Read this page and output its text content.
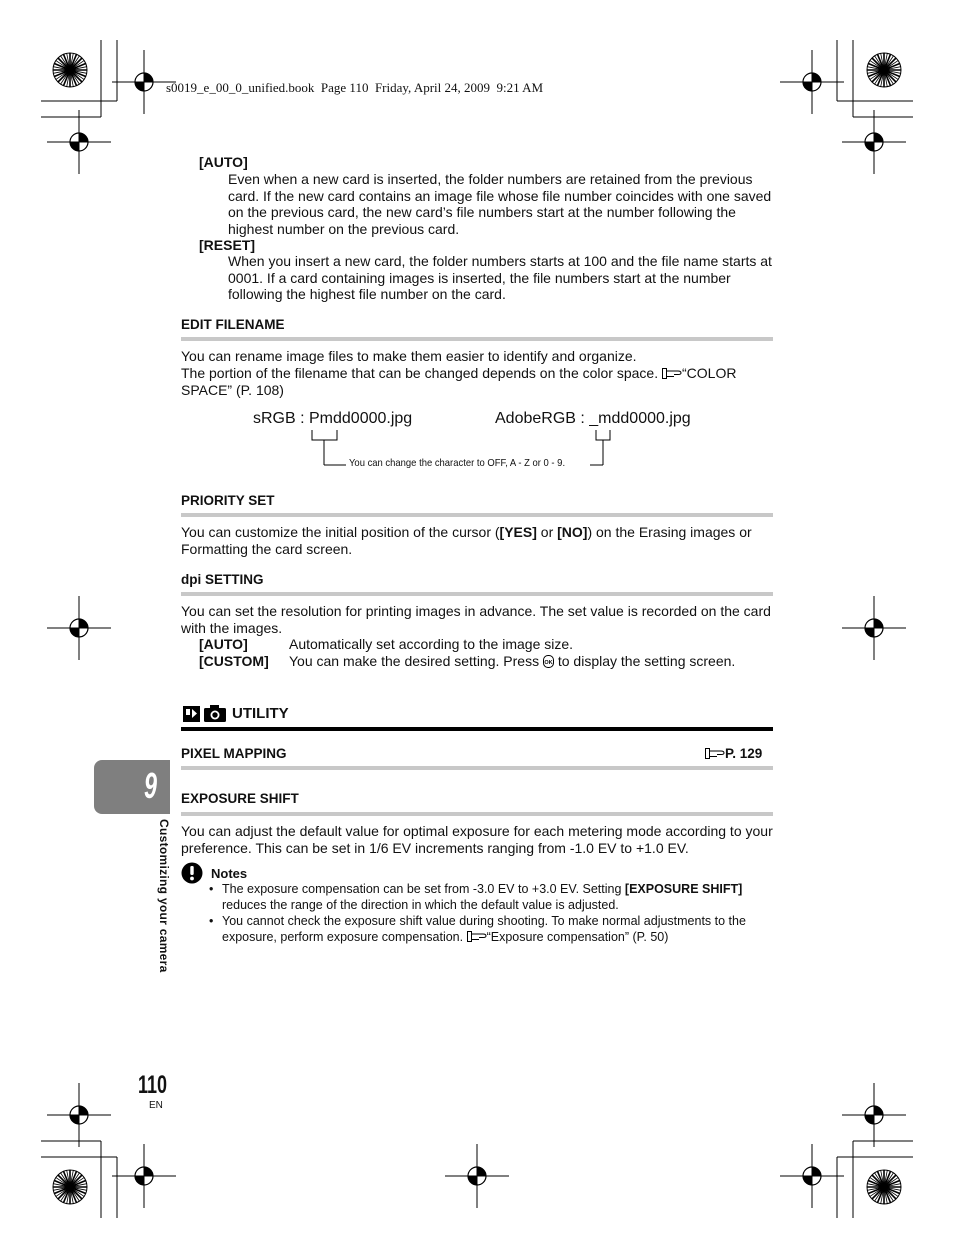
s0019_e_00_0_unified.book  Page 110  Friday, April 24, 2009  9:21 AM
[AUTO]

Even when a new card is inserted, the folder numbers are retained from the previous card. If the new card contains an image file whose file number coincides with one saved on the previous card, the new card’s file numbers start at the number following the highest number on the previous card.

[RESET]

When you insert a new card, the folder numbers starts at 100 and the file name starts at 0001. If a card containing images is inserted, the file numbers start at the number following the highest file number on the card.

EDIT FILENAME

You can rename image files to make them easier to identify and organize.

The portion of the filename that can be changed depends on the color space. “COLOR SPACE” (P. 108)

sRGB : Pmdd0000.jpg	AdobeRGB : _mdd0000.jpg
You can change the character to OFF, A - Z or 0 - 9.
PRIORITY SET

You can customize the initial position of the cursor ([YES] or [NO]) on the Erasing images or Formatting the card screen.

dpi SETTING

You can set the resolution for printing images in advance. The set value is recorded on the card with the images.

[AUTO]	Automatically set according to the image size.
[CUSTOM] You can make the desired setting. Press OK to display the setting screen.
UTILITY
PIXEL MAPPING	P. 129
EXPOSURE SHIFT

You can adjust the default value for optimal exposure for each metering mode according to your preference. This can be set in 1/6 EV increments ranging from -1.0 EV to +1.0 EV.

Notes
• The exposure compensation can be set from -3.0 EV to +3.0 EV. Setting [EXPOSURE SHIFT] reduces the range of the direction in which the default value is adjusted.
• You cannot check the exposure shift value during shooting. To make normal adjustments to the exposure, perform exposure compensation. “Exposure compensation” (P. 50)
9
Customizing your camera
110
EN
